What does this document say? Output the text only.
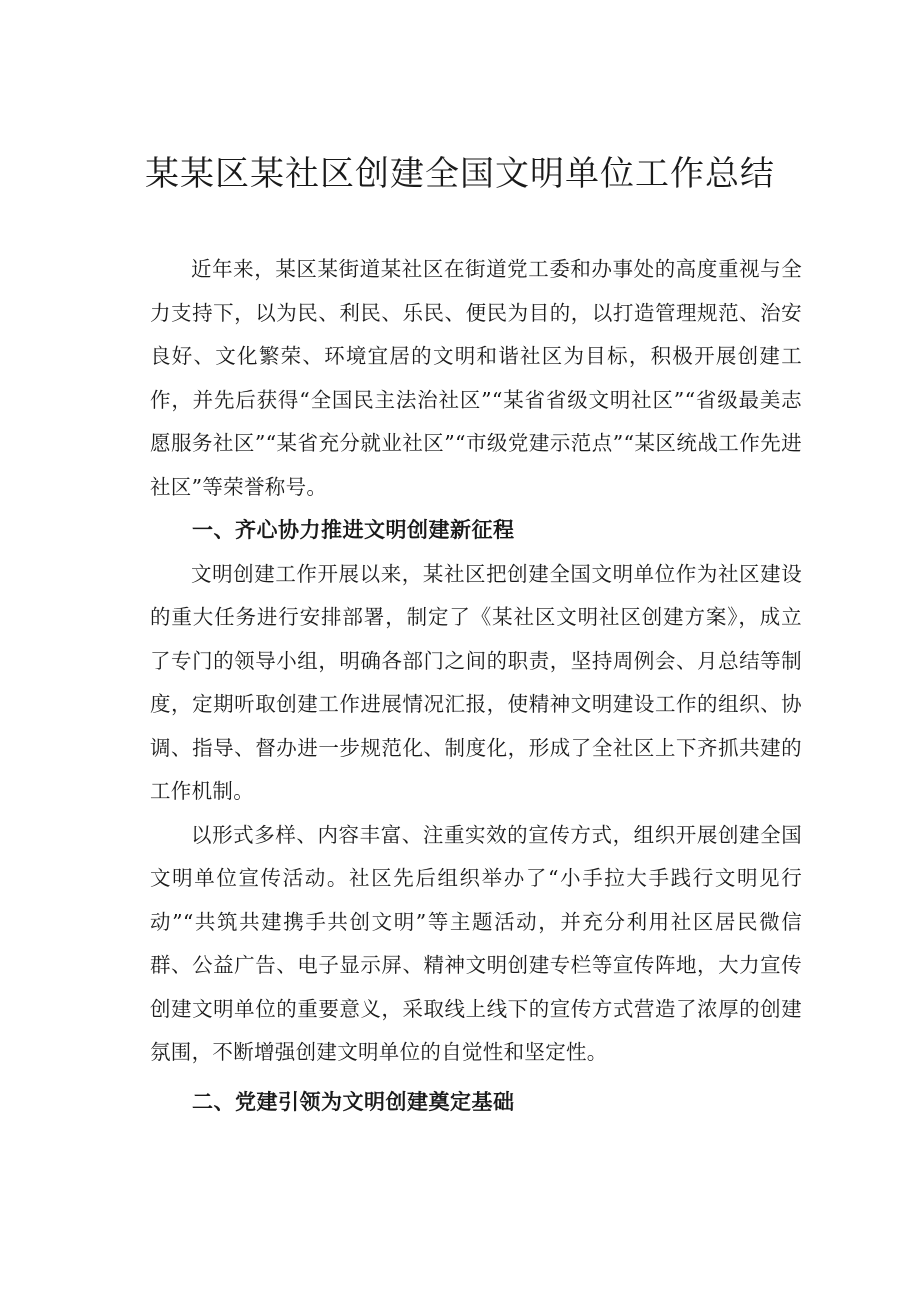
某某区某社区创建全国文明单位工作总结

近年来，某区某街道某社区在街道党工委和办事处的高度重视与全力支持下，以为民、利民、乐民、便民为目的，以打造管理规范、治安良好、文化繁荣、环境宜居的文明和谐社区为目标，积极开展创建工作，并先后获得“全国民主法治社区”“某省省级文明社区”“省级最美志愿服务社区”“某省充分就业社区”“市级党建示范点”“某区统战工作先进社区”等荣誉称号。

一、齐心协力推进文明创建新征程

文明创建工作开展以来，某社区把创建全国文明单位作为社区建设的重大任务进行安排部署，制定了《某社区文明社区创建方案》，成立了专门的领导小组，明确各部门之间的职责，坚持周例会、月总结等制度，定期听取创建工作进展情况汇报，使精神文明建设工作的组织、协调、指导、督办进一步规范化、制度化，形成了全社区上下齐抓共建的工作机制。

以形式多样、内容丰富、注重实效的宣传方式，组织开展创建全国文明单位宣传活动。社区先后组织举办了“小手拉大手践行文明见行动”“共筑共建携手共创文明”等主题活动，并充分利用社区居民微信群、公益广告、电子显示屏、精神文明创建专栏等宣传阵地，大力宣传创建文明单位的重要意义，采取线上线下的宣传方式营造了浓厚的创建氛围，不断增强创建文明单位的自觉性和坚定性。

二、党建引领为文明创建奠定基础
